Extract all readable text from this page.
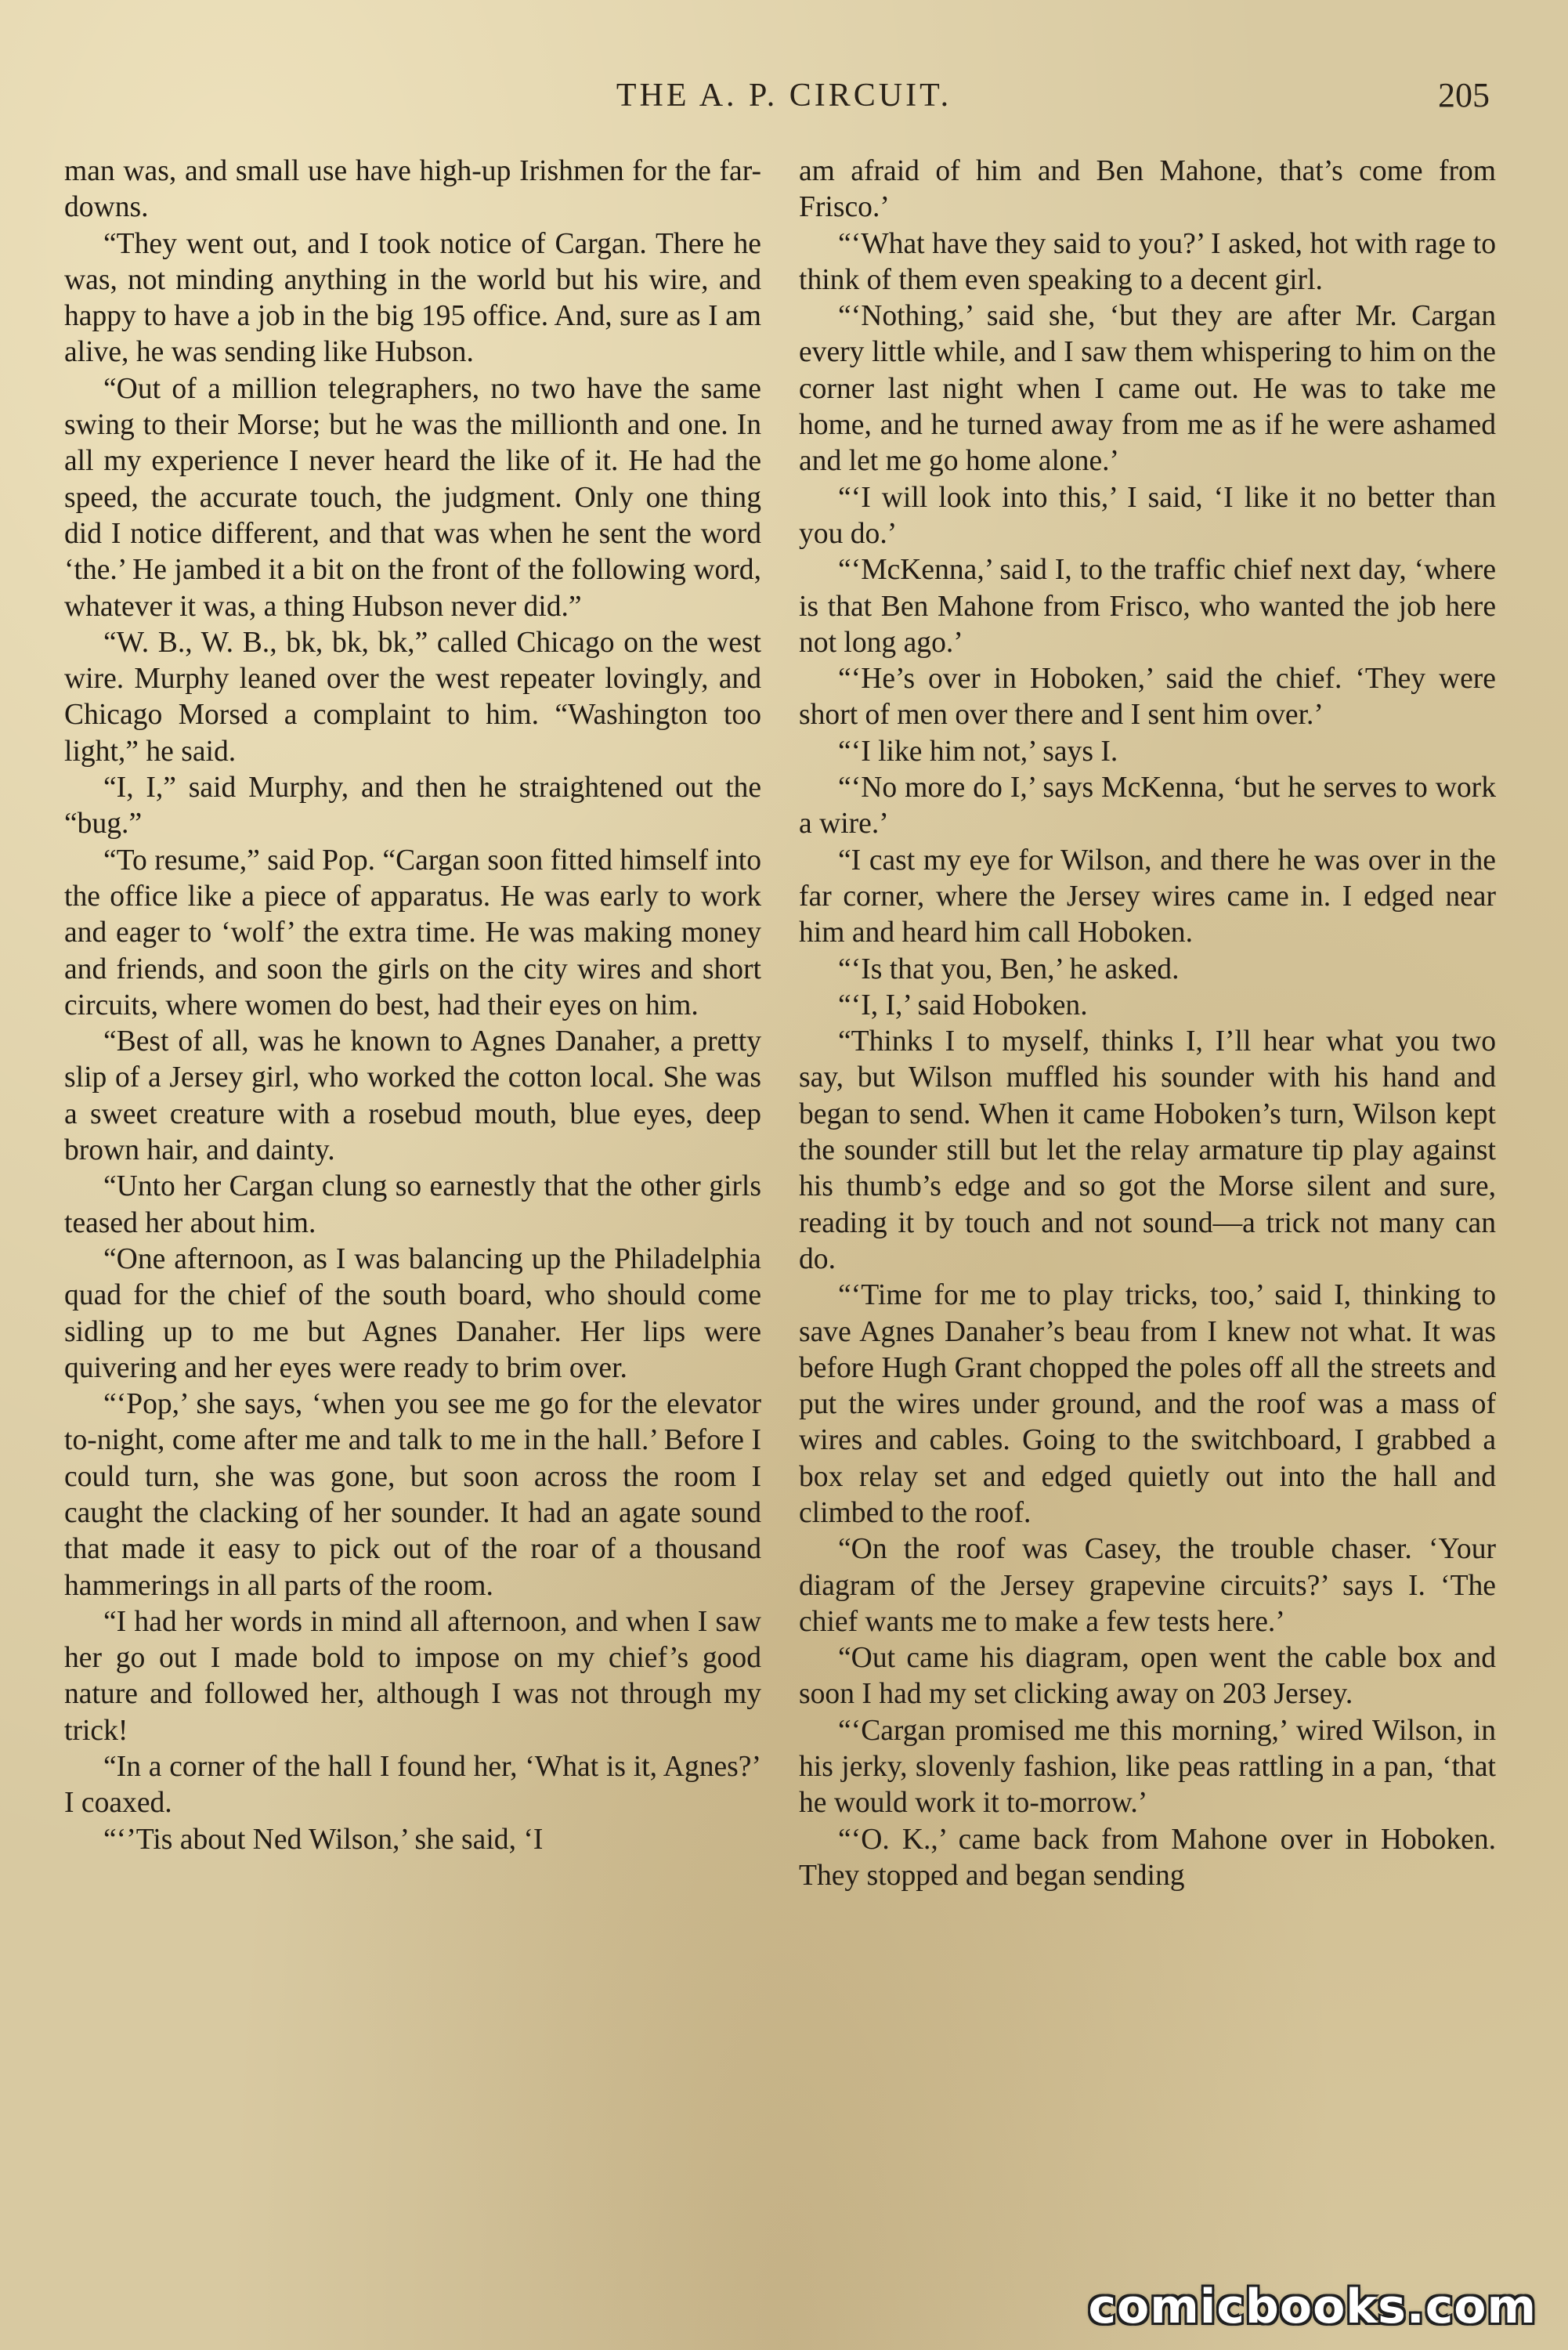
THE A. P. CIRCUIT.	205

man was, and small use have high-up Irishmen for the far-downs.

“They went out, and I took notice of Cargan. There he was, not minding anything in the world but his wire, and happy to have a job in the big 195 office. And, sure as I am alive, he was sending like Hubson.

“Out of a million telegraphers, no two have the same swing to their Morse; but he was the millionth and one. In all my experience I never heard the like of it. He had the speed, the accurate touch, the judgment. Only one thing did I notice different, and that was when he sent the word ‘the.’ He jambed it a bit on the front of the following word, whatever it was, a thing Hubson never did.”

“W. B., W. B., bk, bk, bk,” called Chicago on the west wire. Murphy leaned over the west repeater lovingly, and Chicago Morsed a complaint to him. “Washington too light,” he said.

“I, I,” said Murphy, and then he straightened out the “bug.”

“To resume,” said Pop. “Cargan soon fitted himself into the office like a piece of apparatus. He was early to work and eager to ‘wolf’ the extra time. He was making money and friends, and soon the girls on the city wires and short circuits, where women do best, had their eyes on him.

“Best of all, was he known to Agnes Danaher, a pretty slip of a Jersey girl, who worked the cotton local. She was a sweet creature with a rosebud mouth, blue eyes, deep brown hair, and dainty.

“Unto her Cargan clung so earnestly that the other girls teased her about him.

“One afternoon, as I was balancing up the Philadelphia quad for the chief of the south board, who should come sidling up to me but Agnes Danaher. Her lips were quivering and her eyes were ready to brim over.

“‘Pop,’ she says, ‘when you see me go for the elevator to-night, come after me and talk to me in the hall.’ Before I could turn, she was gone, but soon across the room I caught the clacking of her sounder. It had an agate sound that made it easy to pick out of the roar of a thousand hammerings in all parts of the room.

“I had her words in mind all afternoon, and when I saw her go out I made bold to impose on my chief’s good nature and followed her, although I was not through my trick!

“In a corner of the hall I found her, ‘What is it, Agnes?’ I coaxed.

“‘’Tis about Ned Wilson,’ she said, ‘I

am afraid of him and Ben Mahone, that’s come from Frisco.’

“‘What have they said to you?’ I asked, hot with rage to think of them even speaking to a decent girl.

“‘Nothing,’ said she, ‘but they are after Mr. Cargan every little while, and I saw them whispering to him on the corner last night when I came out. He was to take me home, and he turned away from me as if he were ashamed and let me go home alone.’

“‘I will look into this,’ I said, ‘I like it no better than you do.’

“‘McKenna,’ said I, to the traffic chief next day, ‘where is that Ben Mahone from Frisco, who wanted the job here not long ago.’

“‘He’s over in Hoboken,’ said the chief. ‘They were short of men over there and I sent him over.’

“‘I like him not,’ says I.

“‘No more do I,’ says McKenna, ‘but he serves to work a wire.’

“I cast my eye for Wilson, and there he was over in the far corner, where the Jersey wires came in. I edged near him and heard him call Hoboken.

“‘Is that you, Ben,’ he asked.

“‘I, I,’ said Hoboken.

“Thinks I to myself, thinks I, I’ll hear what you two say, but Wilson muffled his sounder with his hand and began to send. When it came Hoboken’s turn, Wilson kept the sounder still but let the relay armature tip play against his thumb’s edge and so got the Morse silent and sure, reading it by touch and not sound—a trick not many can do.

“‘Time for me to play tricks, too,’ said I, thinking to save Agnes Danaher’s beau from I knew not what. It was before Hugh Grant chopped the poles off all the streets and put the wires under ground, and the roof was a mass of wires and cables. Going to the switchboard, I grabbed a box relay set and edged quietly out into the hall and climbed to the roof.

“On the roof was Casey, the trouble chaser. ‘Your diagram of the Jersey grapevine circuits?’ says I. ‘The chief wants me to make a few tests here.’

“Out came his diagram, open went the cable box and soon I had my set clicking away on 203 Jersey.

“‘Cargan promised me this morning,’ wired Wilson, in his jerky, slovenly fashion, like peas rattling in a pan, ‘that he would work it to-morrow.’

“‘O. K.,’ came back from Mahone over in Hoboken. They stopped and began sending

comicbooks.com
